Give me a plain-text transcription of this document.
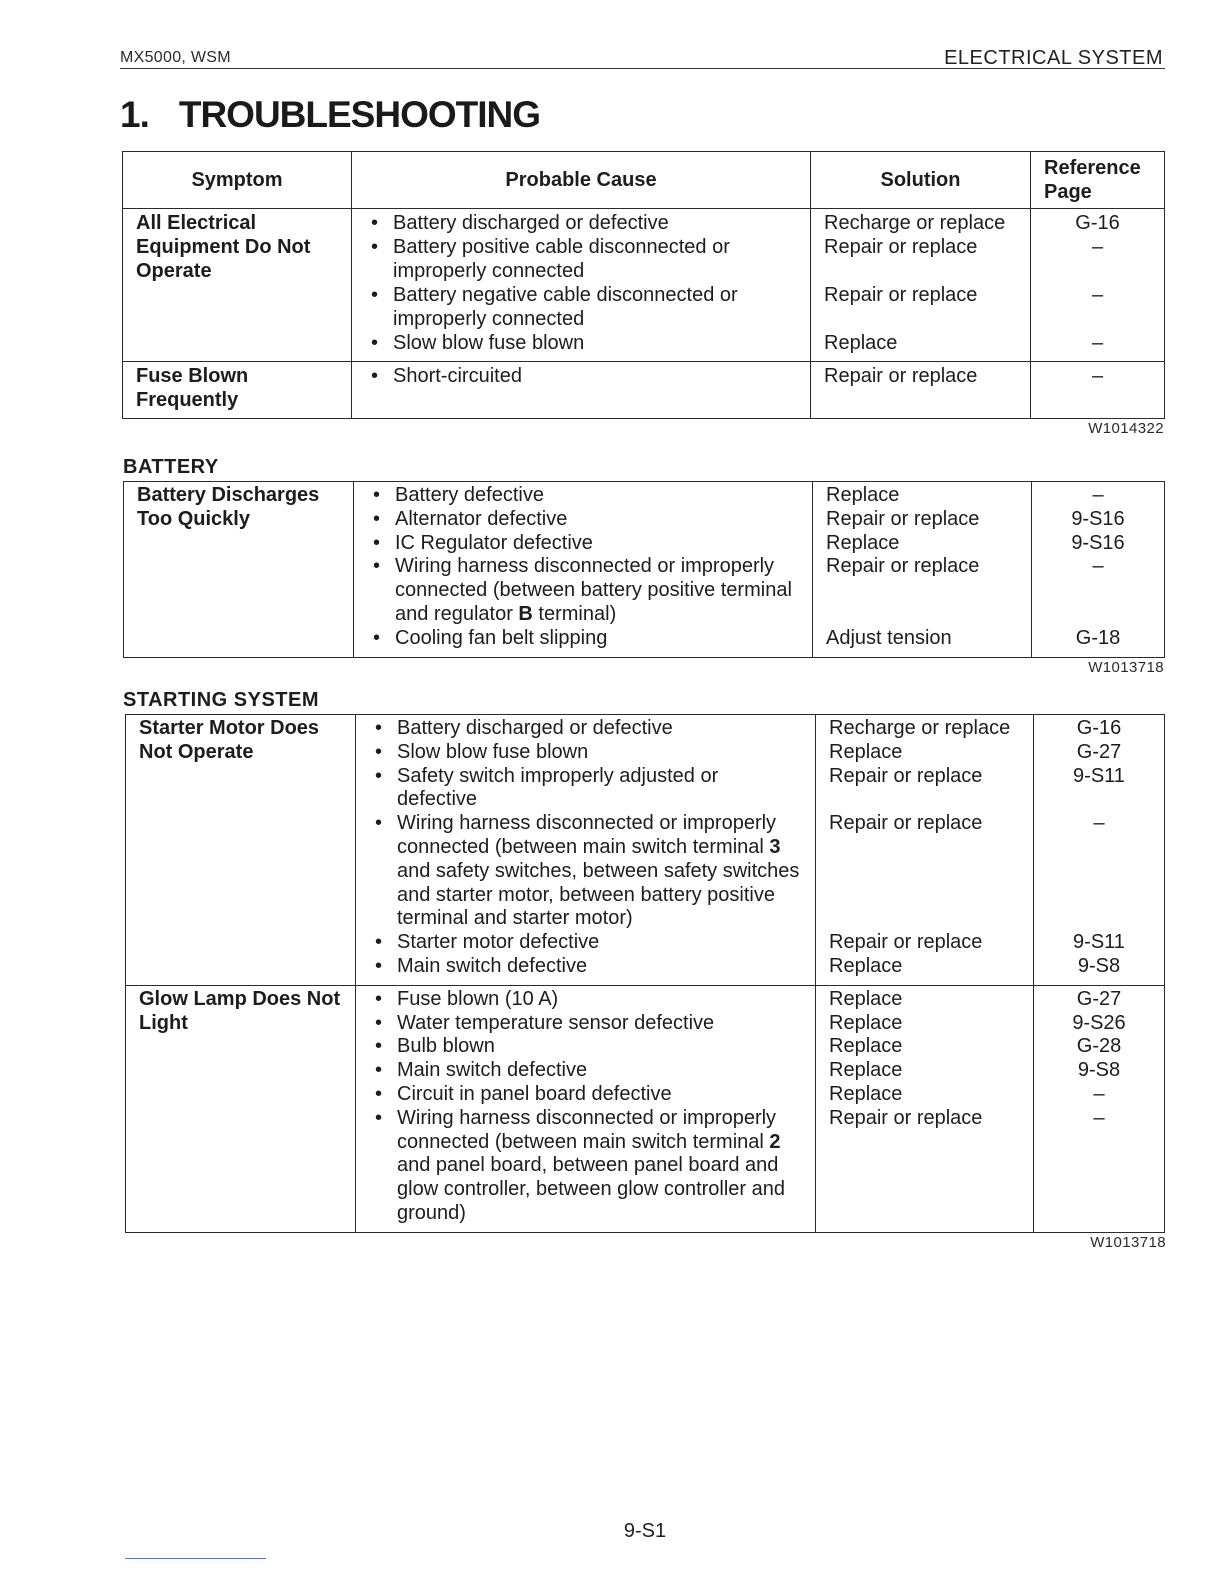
MX5000, WSM	ELECTRICAL SYSTEM
1. TROUBLESHOOTING
Symptom	Probable Cause	Solution	Reference
Page

All Electrical
Equipment Do Not
Operate

•
Battery discharged or defective	Recharge or replace	G-16

•
Battery positive cable disconnected or
improperly connected	Repair or replace	–

•
Battery negative cable disconnected or
improperly connected	Repair or replace	–

•
Slow blow fuse blown	Replace	–

Fuse Blown
Frequently

•
Short-circuited	Repair or replace	–
W1014322
BATTERY
Battery Discharges
Too Quickly

•
Battery defective	Replace	–

•
Alternator defective	Repair or replace	9-S16

•
IC Regulator defective	Replace	9-S16

•
Wiring harness disconnected or improperly
connected (between battery positive terminal
and regulator B terminal)	Repair or replace	–

•
Cooling fan belt slipping	Adjust tension	G-18
W1013718
STARTING SYSTEM
Starter Motor Does
Not Operate

•
Battery discharged or defective	Recharge or replace	G-16

•
Slow blow fuse blown	Replace	G-27

•
Safety switch improperly adjusted or
defective	Repair or replace	9-S11

•
Wiring harness disconnected or improperly
connected (between main switch terminal 3
and safety switches, between safety switches
and starter motor, between battery positive
terminal and starter motor)	Repair or replace	–

•
Starter motor defective	Repair or replace	9-S11

•
Main switch defective	Replace	9-S8

Glow Lamp Does Not
Light

•
Fuse blown (10 A)	Replace	G-27

•
Water temperature sensor defective	Replace	9-S26

•
Bulb blown	Replace	G-28

•
Main switch defective	Replace	9-S8

•
Circuit in panel board defective	Replace	–

•
Wiring harness disconnected or improperly
connected (between main switch terminal 2
and panel board, between panel board and
glow controller, between glow controller and
ground)	Repair or replace	–
W1013718
9-S1
